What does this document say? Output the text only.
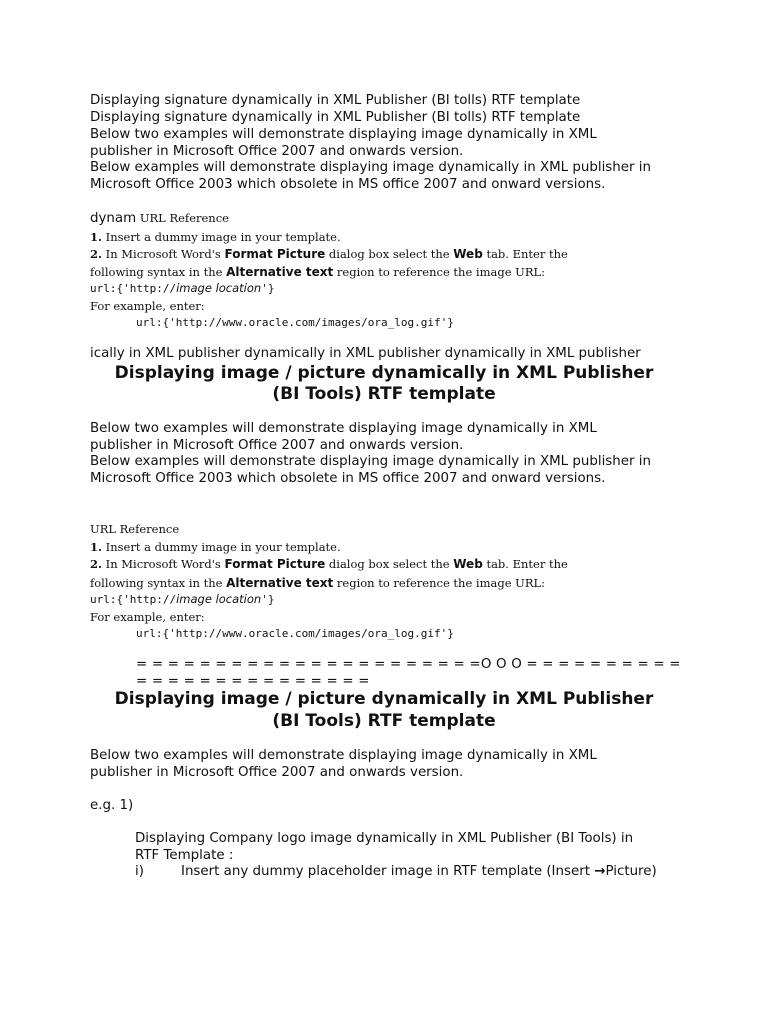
Displaying signature dynamically in XML Publisher (BI tolls) RTF template
Displaying signature dynamically in XML Publisher (BI tolls) RTF template
Below two examples will demonstrate displaying image dynamically in XML
publisher in Microsoft Office 2007 and onwards version.
Below examples will demonstrate displaying image dynamically in XML publisher in
Microsoft Office 2003 which obsolete in MS office 2007 and onward versions.
dynam URL Reference
1. Insert a dummy image in your template.
2. In Microsoft Word's Format Picture dialog box select the Web tab. Enter the
following syntax in the Alternative text region to reference the image URL:
url:{'http://image location'}
For example, enter:
url:{'http://www.oracle.com/images/ora_log.gif'}
ically in XML publisher dynamically in XML publisher dynamically in XML publisher
Displaying image / picture dynamically in XML Publisher
(BI Tools) RTF template
Below two examples will demonstrate displaying image dynamically in XML
publisher in Microsoft Office 2007 and onwards version.
Below examples will demonstrate displaying image dynamically in XML publisher in
Microsoft Office 2003 which obsolete in MS office 2007 and onward versions.
URL Reference
1. Insert a dummy image in your template.
2. In Microsoft Word's Format Picture dialog box select the Web tab. Enter the
following syntax in the Alternative text region to reference the image URL:
url:{'http://image location'}
For example, enter:
url:{'http://www.oracle.com/images/ora_log.gif'}
= = = = = = = = = = = = = = = = = = = = = =O O O = = = = = = = = = =
= = = = = = = = = = = = = = =
Displaying image / picture dynamically in XML Publisher
(BI Tools) RTF template
Below two examples will demonstrate displaying image dynamically in XML
publisher in Microsoft Office 2007 and onwards version.
e.g. 1)
Displaying Company logo image dynamically in XML Publisher (BI Tools) in
RTF Template :
i)	Insert any dummy placeholder image in RTF template (Insert →Picture)
